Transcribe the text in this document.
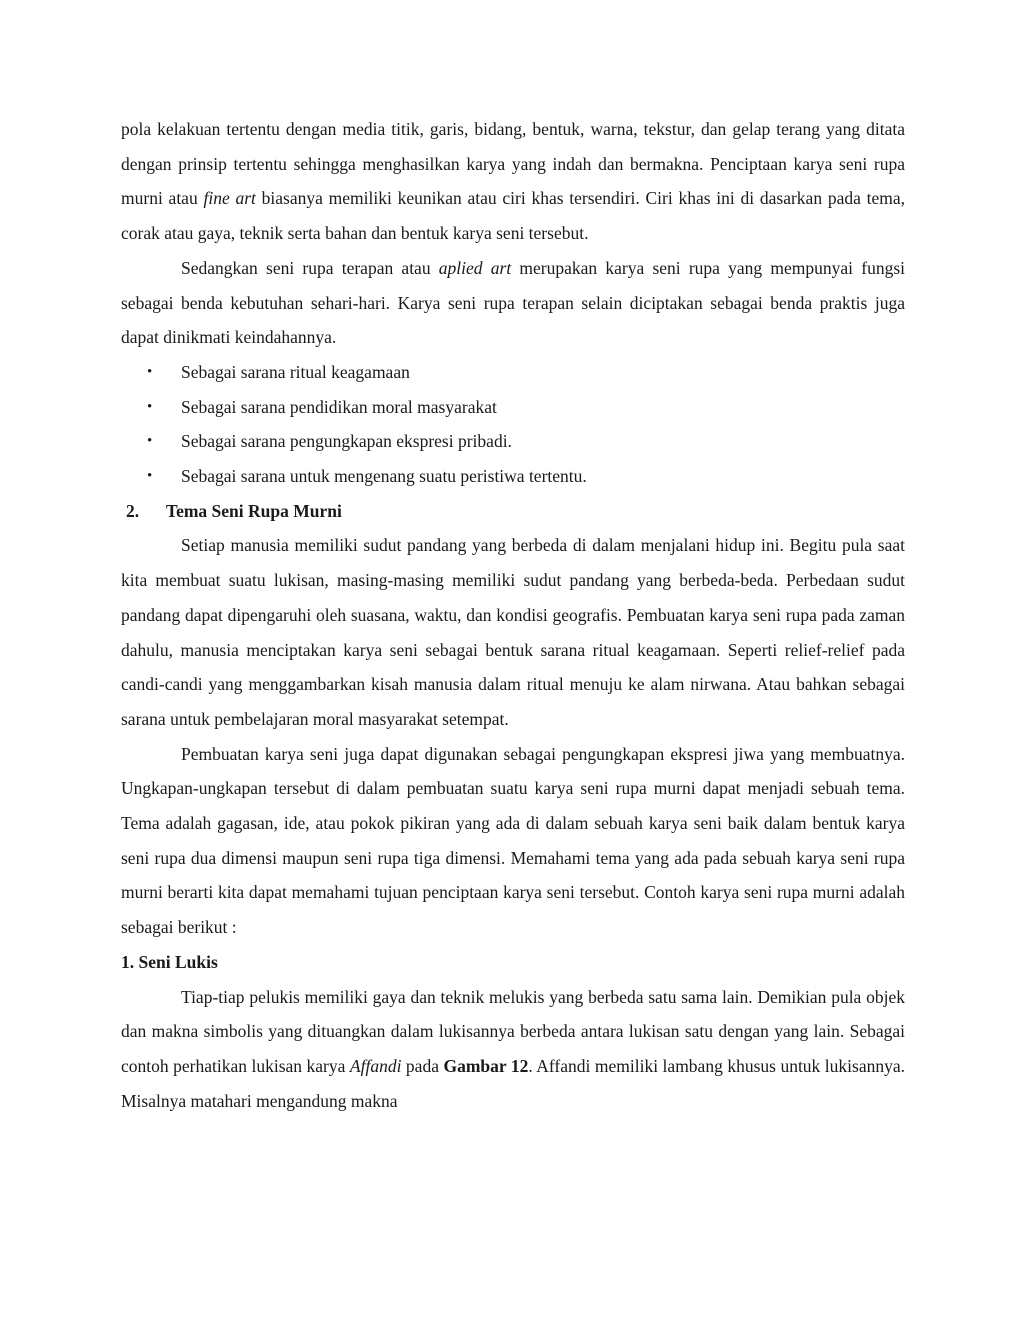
pola kelakuan tertentu dengan media titik, garis, bidang, bentuk, warna, tekstur, dan gelap terang yang ditata dengan prinsip tertentu sehingga menghasilkan karya yang indah dan bermakna. Penciptaan karya seni rupa murni atau fine art biasanya memiliki keunikan atau ciri khas tersendiri. Ciri khas ini di dasarkan pada tema, corak atau gaya, teknik serta bahan dan bentuk karya seni tersebut.

Sedangkan seni rupa terapan atau aplied art merupakan karya seni rupa yang mempunyai fungsi sebagai benda kebutuhan sehari-hari. Karya seni rupa terapan selain diciptakan sebagai benda praktis juga dapat dinikmati keindahannya.

• Sebagai sarana ritual keagamaan
• Sebagai sarana pendidikan moral masyarakat
• Sebagai sarana pengungkapan ekspresi pribadi.
• Sebagai sarana untuk mengenang suatu peristiwa tertentu.

2. Tema Seni Rupa Murni

Setiap manusia memiliki sudut pandang yang berbeda di dalam menjalani hidup ini. Begitu pula saat kita membuat suatu lukisan, masing-masing memiliki sudut pandang yang berbeda-beda. Perbedaan sudut pandang dapat dipengaruhi oleh suasana, waktu, dan kondisi geografis. Pembuatan karya seni rupa pada zaman dahulu, manusia menciptakan karya seni sebagai bentuk sarana ritual keagamaan. Seperti relief-relief pada candi-candi yang menggambarkan kisah manusia dalam ritual menuju ke alam nirwana. Atau bahkan sebagai sarana untuk pembelajaran moral masyarakat setempat.

Pembuatan karya seni juga dapat digunakan sebagai pengungkapan ekspresi jiwa yang membuatnya. Ungkapan-ungkapan tersebut di dalam pembuatan suatu karya seni rupa murni dapat menjadi sebuah tema. Tema adalah gagasan, ide, atau pokok pikiran yang ada di dalam sebuah karya seni baik dalam bentuk karya seni rupa dua dimensi maupun seni rupa tiga dimensi. Memahami tema yang ada pada sebuah karya seni rupa murni berarti kita dapat memahami tujuan penciptaan karya seni tersebut. Contoh karya seni rupa murni adalah sebagai berikut :

1. Seni Lukis

Tiap-tiap pelukis memiliki gaya dan teknik melukis yang berbeda satu sama lain. Demikian pula objek dan makna simbolis yang dituangkan dalam lukisannya berbeda antara lukisan satu dengan yang lain. Sebagai contoh perhatikan lukisan karya Affandi pada Gambar 12. Affandi memiliki lambang khusus untuk lukisannya. Misalnya matahari mengandung makna
